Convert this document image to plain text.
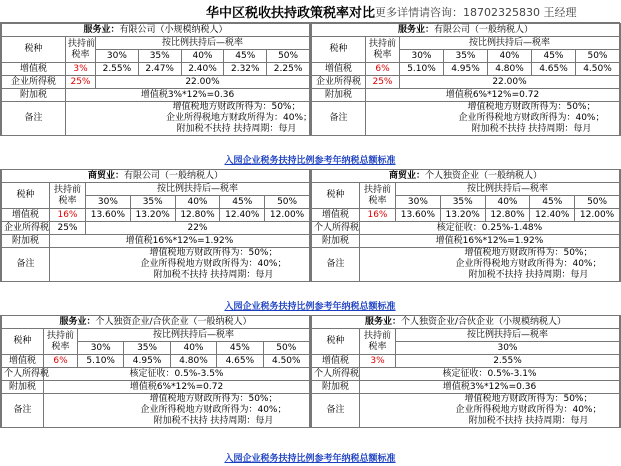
华中区税收扶持政策税率对比 更多详情请咨询：18702325830 王经理
服务业：有限公司（小规模纳税人）						
税种	扶持前
税率	按比例扶持后—税率				
		30%	35%	40%	45%	50%
增值税	3%	2.55%	2.47%	2.40%	2.32%	2.25%
企业所得税	25%	22.00%				
附加税	增值税3%*12%=0.36					
备注	增值税地方财政所得为：50%；
企业所得税地方财政所得为：40%；
附加税不扶持 扶持周期：每月					
服务业：有限公司（一般纳税人）						
税种	扶持前
税率	按比例扶持后—税率				
		30%	35%	40%	45%	50%
增值税	6%	5.10%	4.95%	4.80%	4.65%	4.50%
企业所得税	25%	22.00%				
附加税	增值税6%*12%=0.72					
备注	增值税地方财政所得为：50%；
企业所得税地方财政所得为：40%；
附加税不扶持 扶持周期：每月					
入园企业税务扶持比例参考年纳税总额标准
商贸业：有限公司（一般纳税人）						
税种	扶持前
税率	按比例扶持后—税率				
		30%	35%	40%	45%	50%
增值税	16%	13.60%	13.20%	12.80%	12.40%	12.00%
企业所得税	25%	22%				
附加税	增值税16%*12%=1.92%					
备注	增值税地方财政所得为：50%；
企业所得税地方财政所得为：40%；
附加税不扶持 扶持周期：每月					
商贸业：个人独资企业（一般纳税人）						
税种	扶持前
税率	按比例扶持后—税率				
		30%	35%	40%	45%	50%
增值税	16%	13.60%	13.20%	12.80%	12.40%	12.00%
个人所得税	核定征收：0.25%-1.48%					
附加税	增值税16%*12%=1.92%					
备注	增值税地方财政所得为：50%；
企业所得税地方财政所得为：40%；
附加税不扶持 扶持周期：每月					
入园企业税务扶持比例参考年纳税总额标准
服务业：个人独资企业/合伙企业（一般纳税人）						
税种	扶持前
税率	按比例扶持后—税率				
		30%	35%	40%	45%	50%
增值税	6%	5.10%	4.95%	4.80%	4.65%	4.50%
个人所得税	核定征收：0.5%-3.5%					
附加税	增值税6%*12%=0.72					
备注	增值税地方财政所得为：50%；
企业所得税地方财政所得为：40%；
附加税不扶持 扶持周期：每月					
服务业：个人独资企业/合伙企业（小规模纳税人）		
税种	扶持前
税率	按比例扶持后—税率
		30%
增值税	3%	2.55%
个人所得税	核定征收：0.5%-3.1%	
附加税	增值税3%*12%=0.36	
备注	增值税地方财政所得为：50%；
企业所得税地方财政所得为：40%；
附加税不扶持 扶持周期：每月	
入园企业税务扶持比例参考年纳税总额标准
